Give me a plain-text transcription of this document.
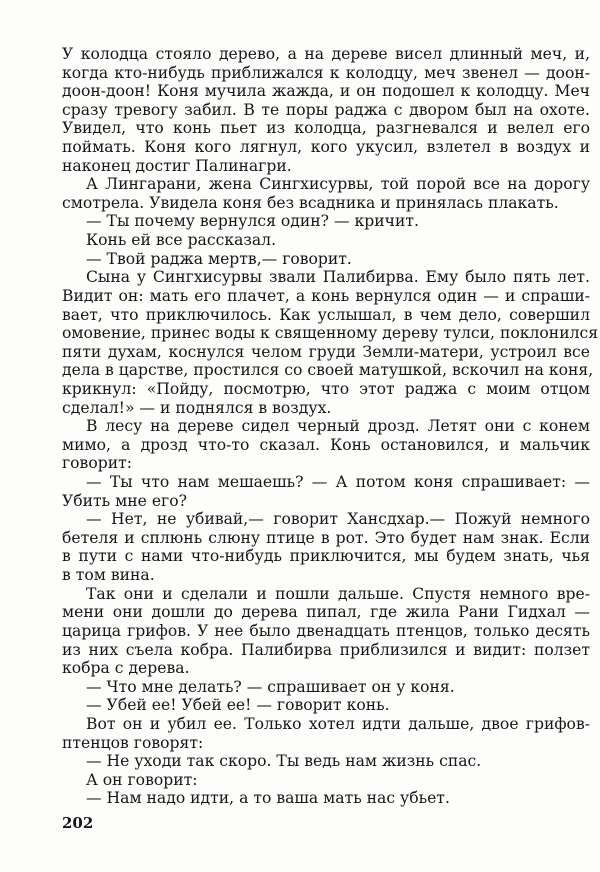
У колодца стояло дерево, а на дереве висел длинный меч, и,
когда кто-нибудь приближался к колодцу, меч звенел — доон-
доон-доон! Коня мучила жажда, и он подошел к колодцу. Меч
сразу тревогу забил. В те поры раджа с двором был на охоте.
Увидел, что конь пьет из колодца, разгневался и велел его
поймать. Коня кого лягнул, кого укусил, взлетел в воздух и
наконец достиг Палинагри.
А Лингарани, жена Сингхисурвы, той порой все на дорогу
смотрела. Увидела коня без всадника и принялась плакать.
— Ты почему вернулся один? — кричит.
Конь ей все рассказал.
— Твой раджа мертв,— говорит.
Сына у Сингхисурвы звали Палибирва. Ему было пять лет.
Видит он: мать его плачет, а конь вернулся один — и спраши-
вает, что приключилось. Как услышал, в чем дело, совершил
омовение, принес воды к священному дереву тулси, поклонился
пяти духам, коснулся челом груди Земли-матери, устроил все
дела в царстве, простился со своей матушкой, вскочил на коня,
крикнул: «Пойду, посмотрю, что этот раджа с моим отцом
сделал!» — и поднялся в воздух.
В лесу на дереве сидел черный дрозд. Летят они с конем
мимо, а дрозд что-то сказал. Конь остановился, и мальчик
говорит:
— Ты что нам мешаешь? — А потом коня спрашивает: —
Убить мне его?
— Нет, не убивай,— говорит Хансдхар.— Пожуй немного
бетеля и сплюнь слюну птице в рот. Это будет нам знак. Если
в пути с нами что-нибудь приключится, мы будем знать, чья
в том вина.
Так они и сделали и пошли дальше. Спустя немного вре-
мени они дошли до дерева пипал, где жила Рани Гидхал —
царица грифов. У нее было двенадцать птенцов, только десять
из них съела кобра. Палибирва приблизился и видит: ползет
кобра с дерева.
— Что мне делать? — спрашивает он у коня.
— Убей ее! Убей ее! — говорит конь.
Вот он и убил ее. Только хотел идти дальше, двое грифов-
птенцов говорят:
— Не уходи так скоро. Ты ведь нам жизнь спас.
А он говорит:
— Нам надо идти, а то ваша мать нас убьет.
202
